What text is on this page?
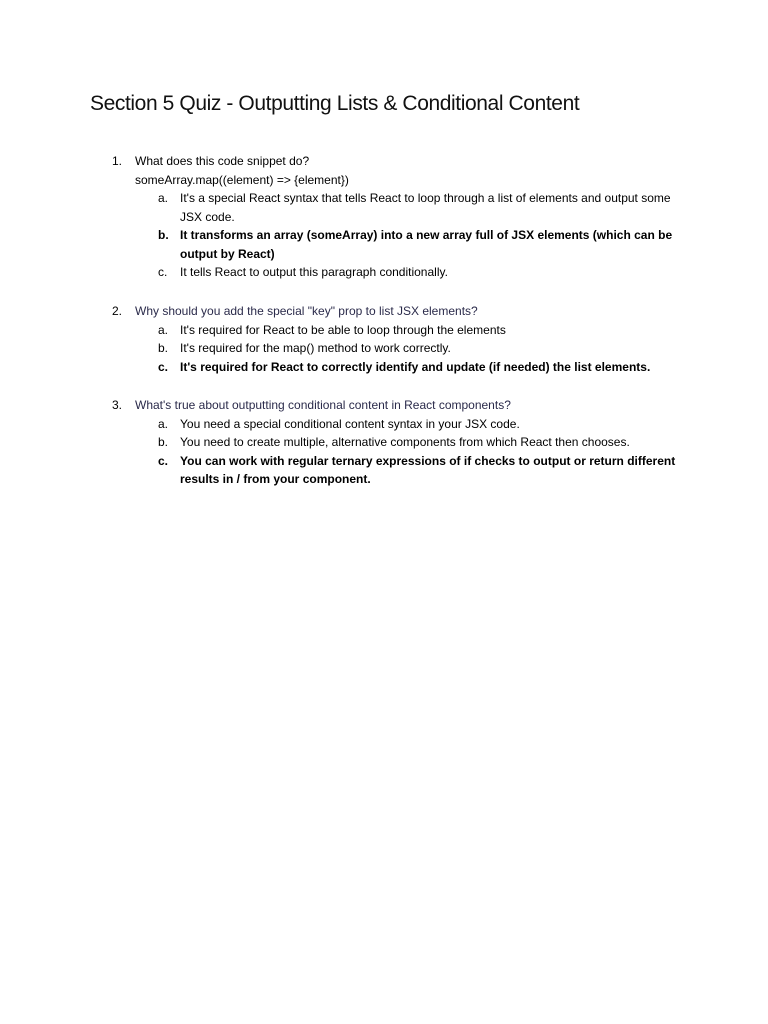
Section 5 Quiz - Outputting Lists & Conditional Content
1.	What does this code snippet do?
someArray.map((element) => {element})
a. It's a special React syntax that tells React to loop through a list of elements and output some JSX code.
b. It transforms an array (someArray) into a new array full of JSX elements (which can be output by React)
c.	It tells React to output this paragraph conditionally.
2.	Why should you add the special "key" prop to list JSX elements?
a. It's required for React to be able to loop through the elements
b. It's required for the map() method to work correctly.
c. It's required for React to correctly identify and update (if needed) the list elements.
3.	What's true about outputting conditional content in React components?
a. You need a special conditional content syntax in your JSX code.
b. You need to create multiple, alternative components from which React then chooses.
c. You can work with regular ternary expressions of if checks to output or return different results in / from your component.
